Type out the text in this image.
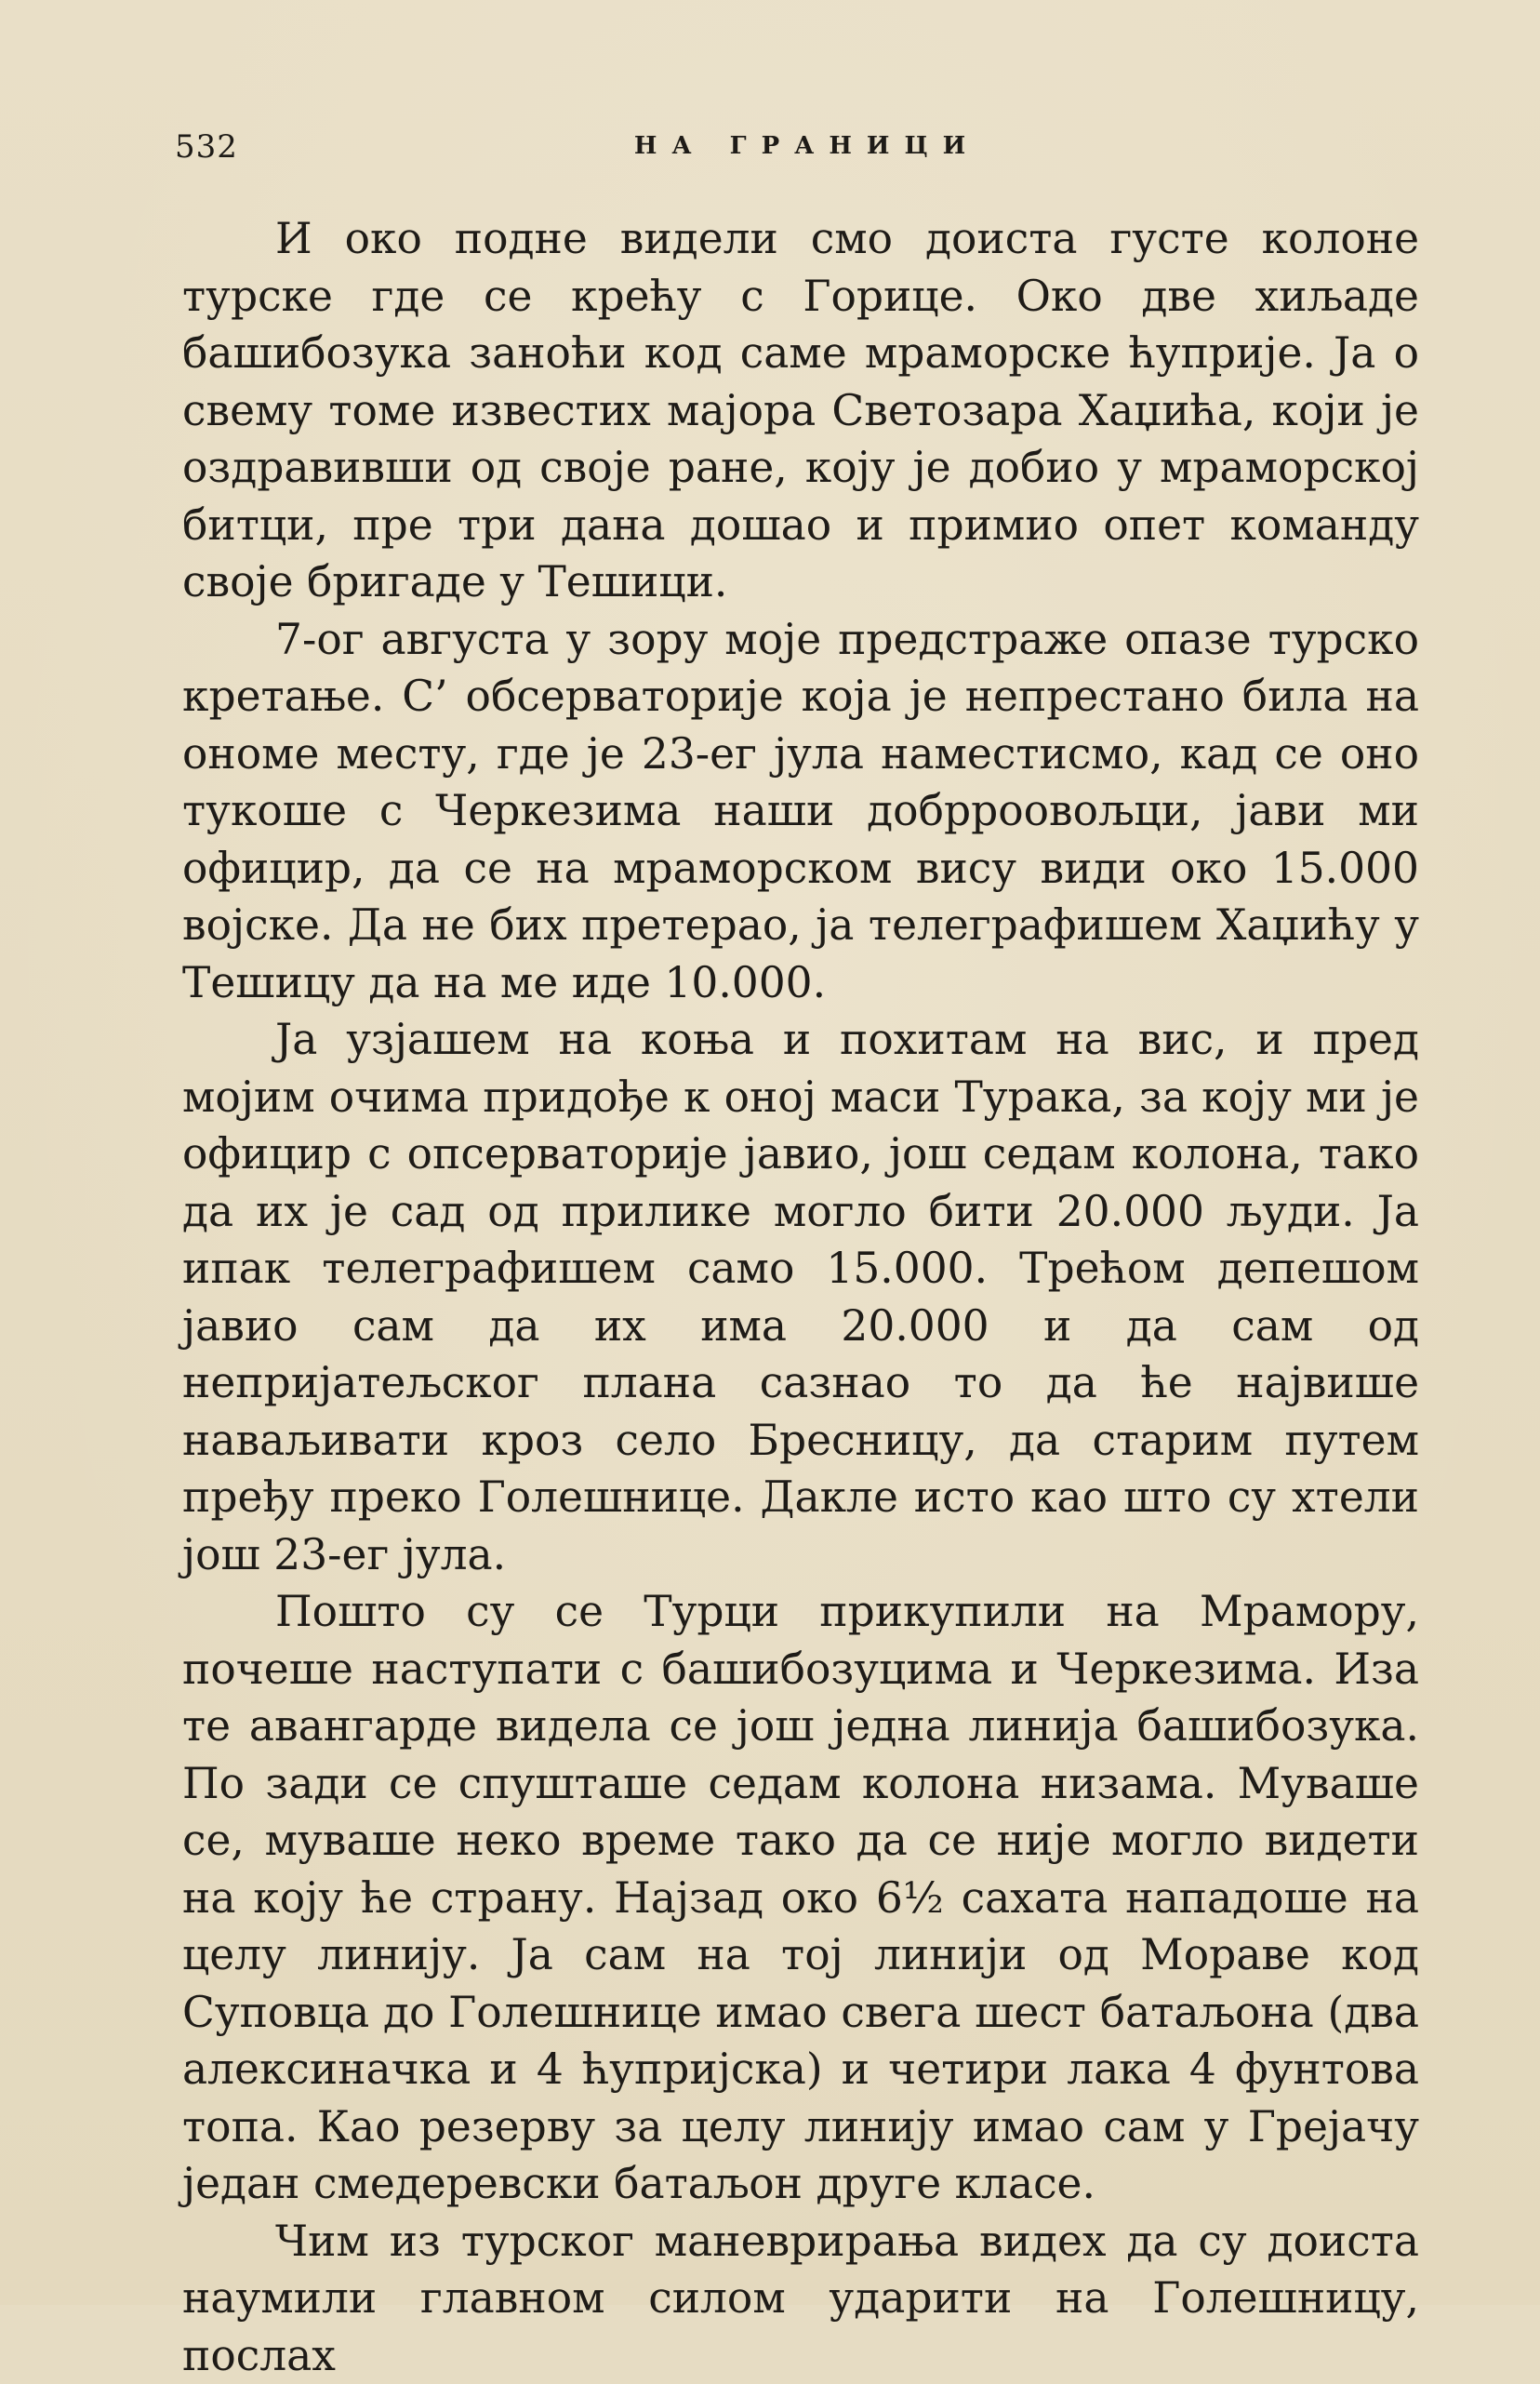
532	НА ГРАНИЦИ

И око подне видели смо доиста густе колоне турске где се крећу с Горице. Око две хиљаде башибозука заноћи код саме мраморске ћуприје. Ја о свему томе известих мајора Светозара Хаџића, који је оздравивши од своје ране, коју је добио у мраморској битци, пре три дана дошао и примио опет команду своје бригаде у Тешици.

7-ог августа у зору моје предстраже опазе турско кретање. С’ обсерваторије која је непрестано била на ономе месту, где је 23-ег јула наместисмо, кад се оно тукоше с Черкезима наши добрроовољци, јави ми официр, да се на мраморском вису види око 15.000 војске. Да не бих претерао, ја телеграфишем Хаџићу у Тешицу да на ме иде 10.000.

Ја узјашем на коња и похитам на вис, и пред мојим очима придође к оној маси Турака, за коју ми је официр с опсерваторије јавио, још седам колона, тако да их је сад од прилике могло бити 20.000 људи. Ја ипак телеграфишем само 15.000. Трећом депешом јавио сам да их има 20.000 и да сам од непријатељског плана сазнао то да ће највише наваљивати кроз село Бресницу, да старим путем пређу преко Голешнице. Дакле исто као што су хтели још 23-ег јула.

Пошто су се Турци прикупили на Мрамору, почеше наступати с башибозуцима и Черкезима. Иза те авангарде видела се још једна линија башибозука. По зади се спушташе седам колона низама. Муваше се, муваше неко време тако да се није могло видети на коју ће страну. Најзад око 6½ сахата нападоше на целу линију. Ја сам на тој линији од Мораве код Суповца до Голешнице имао свега шест батаљона (два алексиначка и 4 ћупријска) и четири лака 4 фунтова топа. Као резерву за целу линију имао сам у Грејачу један смедеревски батаљон друге класе.

Чим из турског маневрирања видех да су доиста наумили главном силом ударити на Голешницу, послах
